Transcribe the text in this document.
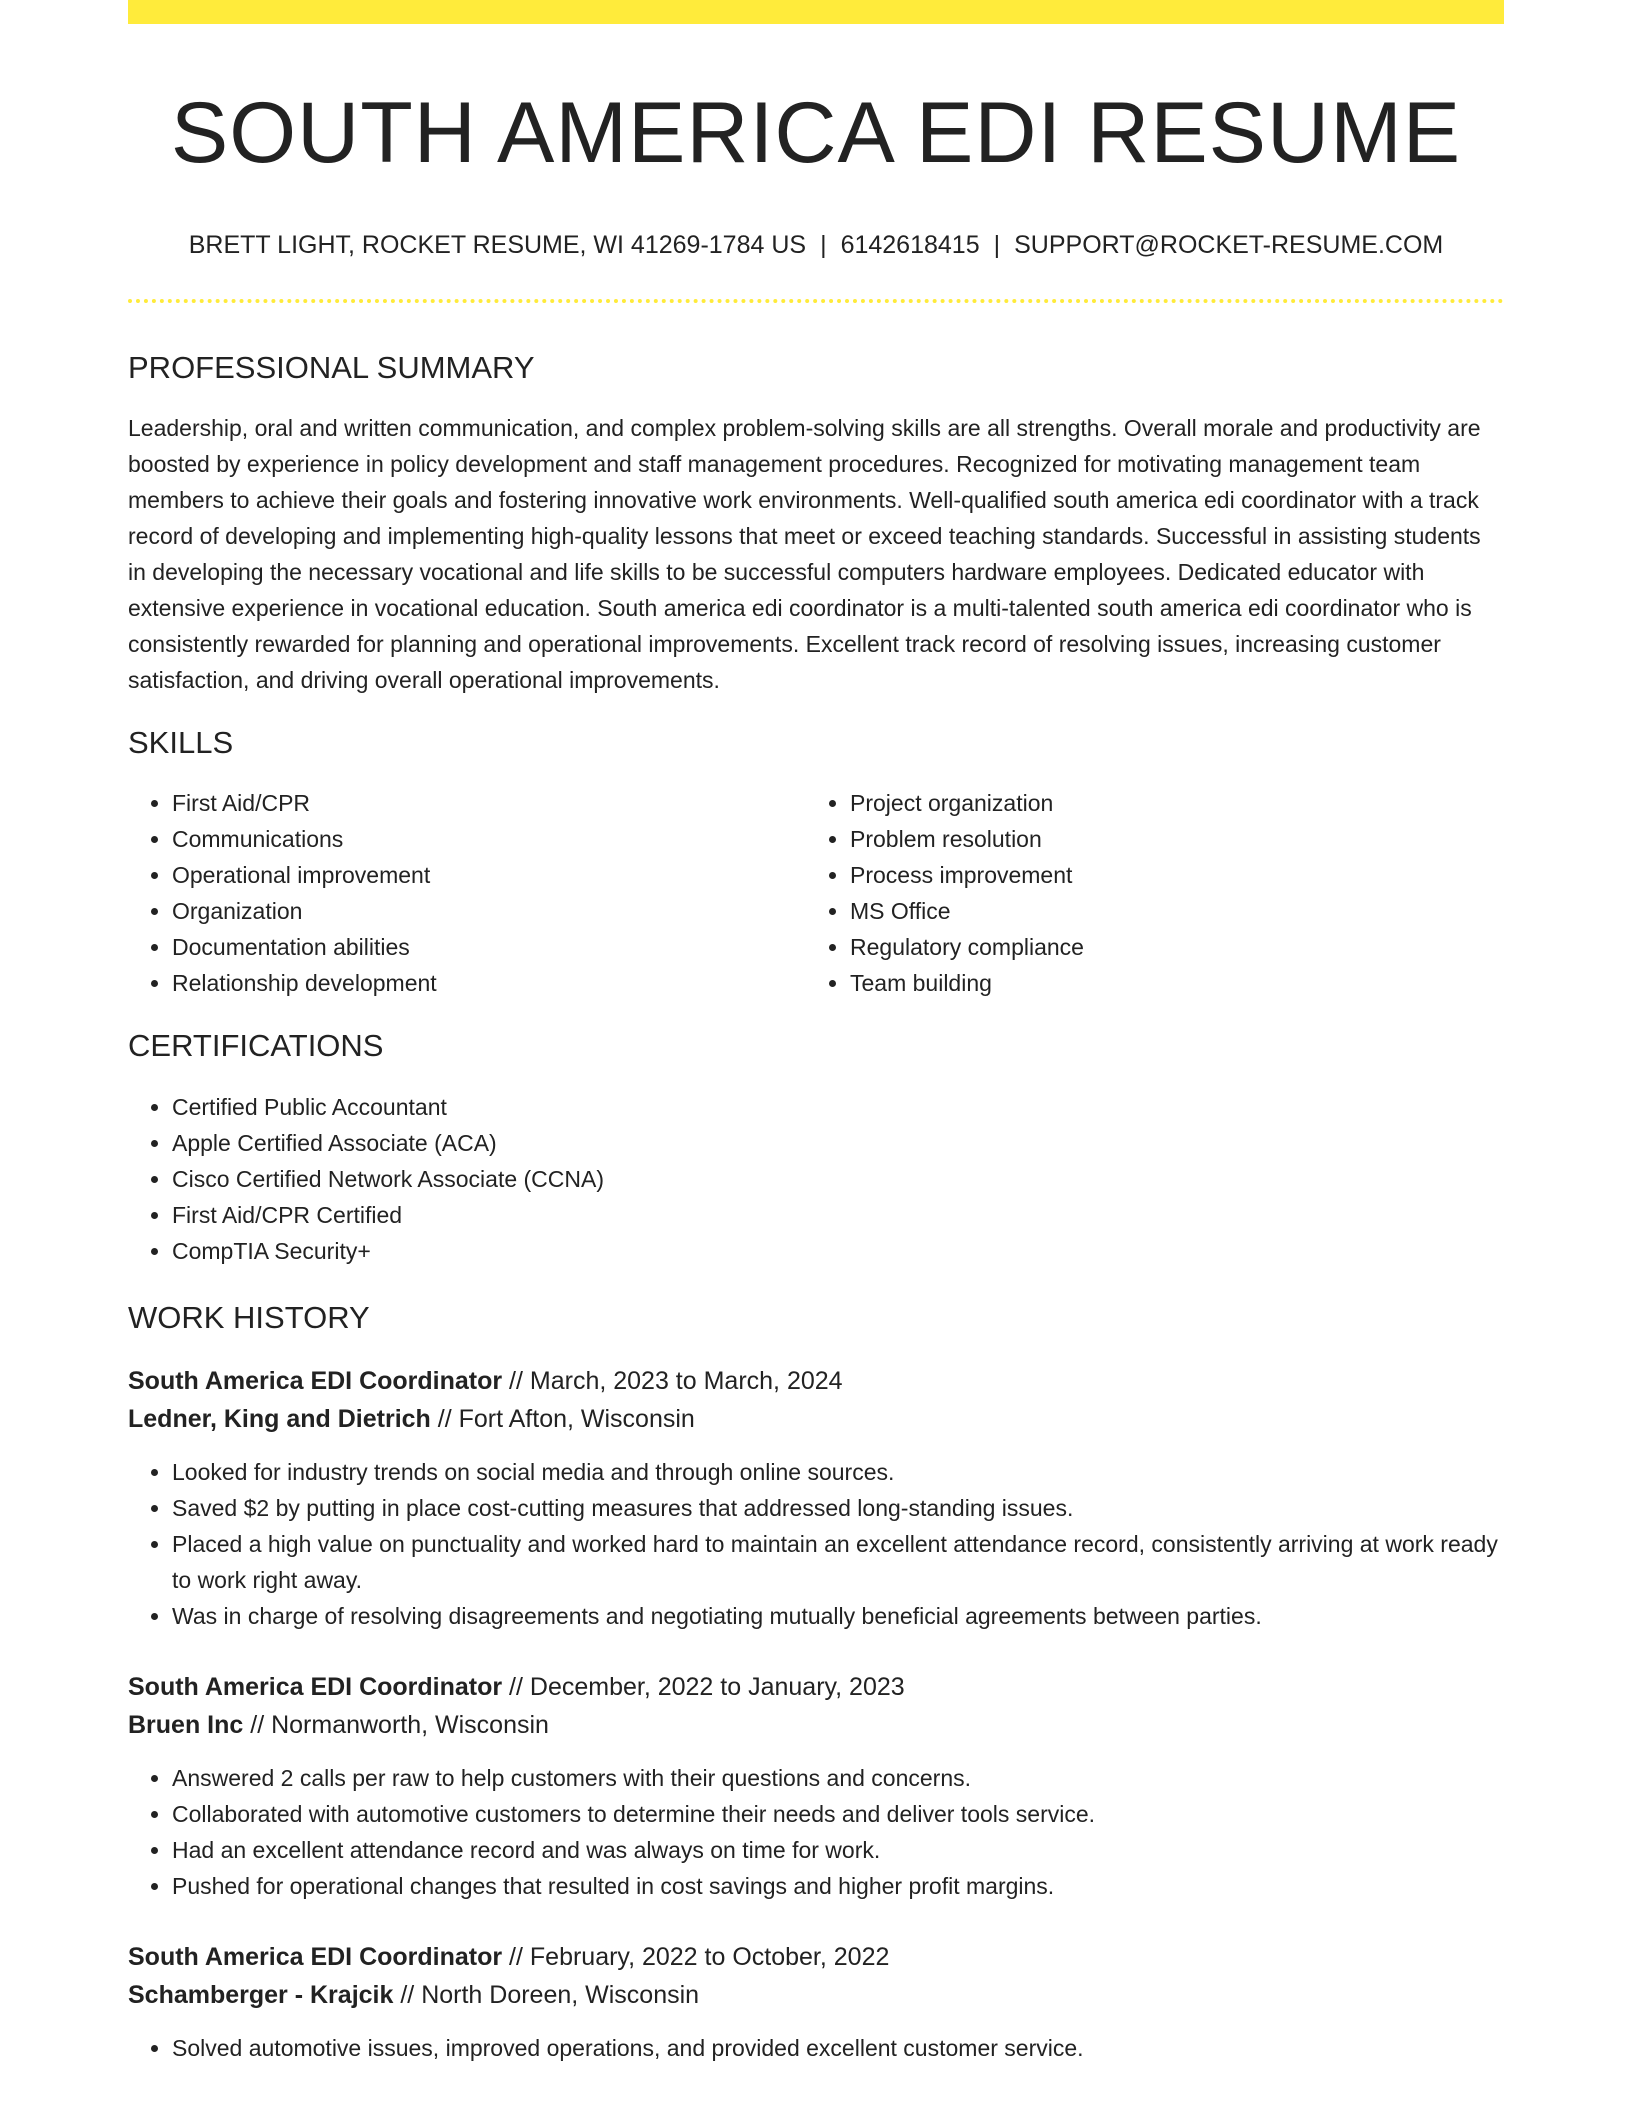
SOUTH AMERICA EDI RESUME
BRETT LIGHT, ROCKET RESUME, WI 41269-1784 US | 6142618415 | SUPPORT@ROCKET-RESUME.COM
PROFESSIONAL SUMMARY

Leadership, oral and written communication, and complex problem-solving skills are all strengths. Overall morale and productivity are boosted by experience in policy development and staff management procedures. Recognized for motivating management team members to achieve their goals and fostering innovative work environments. Well-qualified south america edi coordinator with a track record of developing and implementing high-quality lessons that meet or exceed teaching standards. Successful in assisting students in developing the necessary vocational and life skills to be successful computers hardware employees. Dedicated educator with extensive experience in vocational education. South america edi coordinator is a multi-talented south america edi coordinator who is consistently rewarded for planning and operational improvements. Excellent track record of resolving issues, increasing customer satisfaction, and driving overall operational improvements.

SKILLS
• First Aid/CPR
• Communications
• Operational improvement
• Organization
• Documentation abilities
• Relationship development
• Project organization
• Problem resolution
• Process improvement
• MS Office
• Regulatory compliance
• Team building
CERTIFICATIONS
• Certified Public Accountant
• Apple Certified Associate (ACA)
• Cisco Certified Network Associate (CCNA)
• First Aid/CPR Certified
• CompTIA Security+
WORK HISTORY
South America EDI Coordinator // March, 2023 to March, 2024
Ledner, King and Dietrich // Fort Afton, Wisconsin
• Looked for industry trends on social media and through online sources.
• Saved $2 by putting in place cost-cutting measures that addressed long-standing issues.
• Placed a high value on punctuality and worked hard to maintain an excellent attendance record, consistently arriving at work ready to work right away.
• Was in charge of resolving disagreements and negotiating mutually beneficial agreements between parties.
South America EDI Coordinator // December, 2022 to January, 2023
Bruen Inc // Normanworth, Wisconsin
• Answered 2 calls per raw to help customers with their questions and concerns.
• Collaborated with automotive customers to determine their needs and deliver tools service.
• Had an excellent attendance record and was always on time for work.
• Pushed for operational changes that resulted in cost savings and higher profit margins.
South America EDI Coordinator // February, 2022 to October, 2022
Schamberger - Krajcik // North Doreen, Wisconsin
• Solved automotive issues, improved operations, and provided excellent customer service.
